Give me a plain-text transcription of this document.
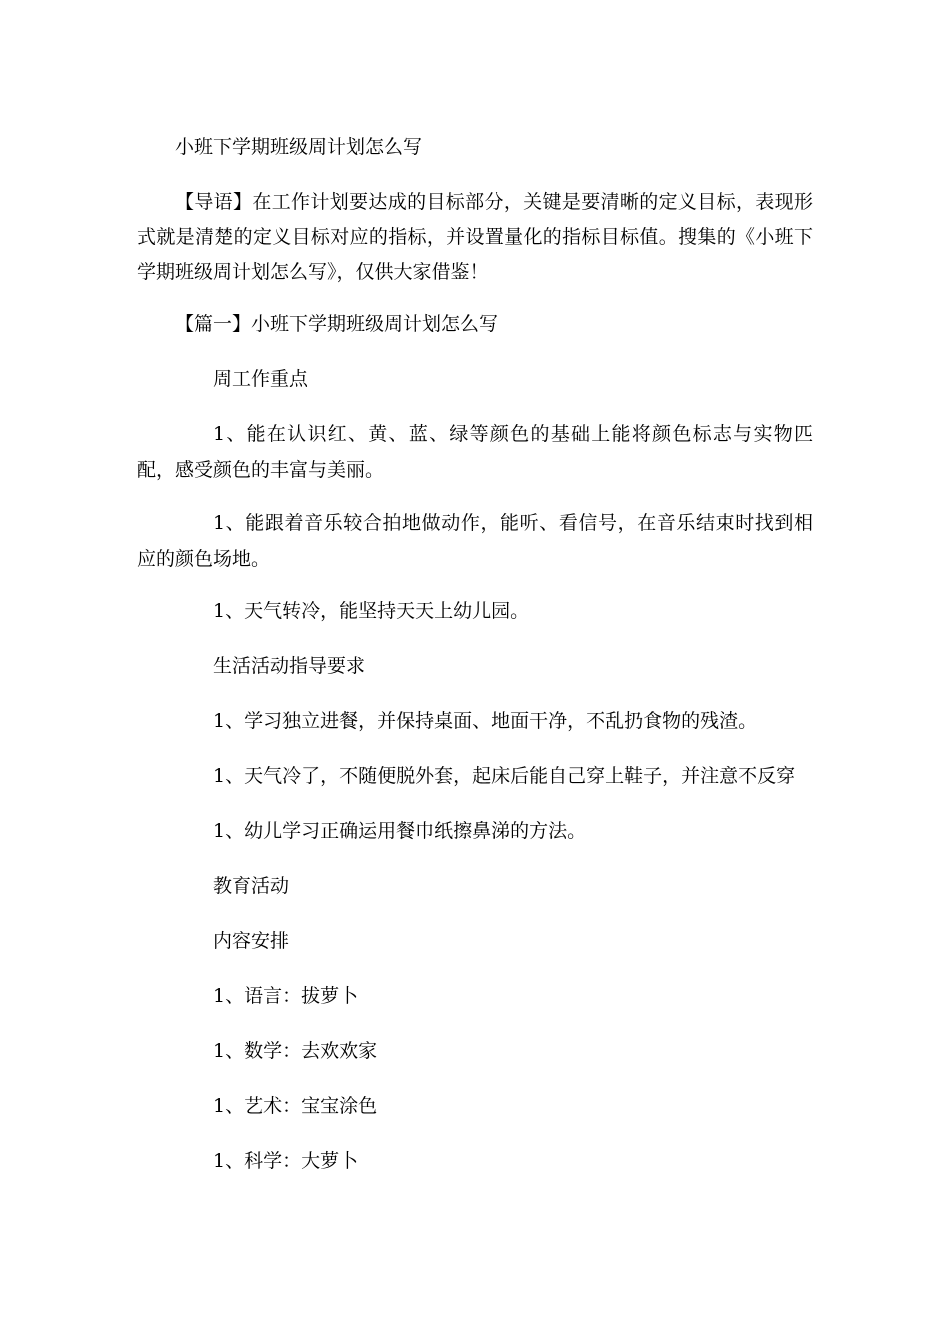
小班下学期班级周计划怎么写
【导语】在工作计划要达成的目标部分，关键是要清晰的定义目标，表现形式就是清楚的定义目标对应的指标，并设置量化的指标目标值。搜集的《小班下学期班级周计划怎么写》，仅供大家借鉴！
【篇一】小班下学期班级周计划怎么写
周工作重点
1、能在认识红、黄、蓝、绿等颜色的基础上能将颜色标志与实物匹配，感受颜色的丰富与美丽。
1、能跟着音乐较合拍地做动作，能听、看信号，在音乐结束时找到相应的颜色场地。
1、天气转冷，能坚持天天上幼儿园。
生活活动指导要求
1、学习独立进餐，并保持桌面、地面干净，不乱扔食物的残渣。
1、天气冷了，不随便脱外套，起床后能自己穿上鞋子，并注意不反穿
1、幼儿学习正确运用餐巾纸擦鼻涕的方法。
教育活动
内容安排
1、语言：拔萝卜
1、数学：去欢欢家
1、艺术：宝宝涂色
1、科学：大萝卜
